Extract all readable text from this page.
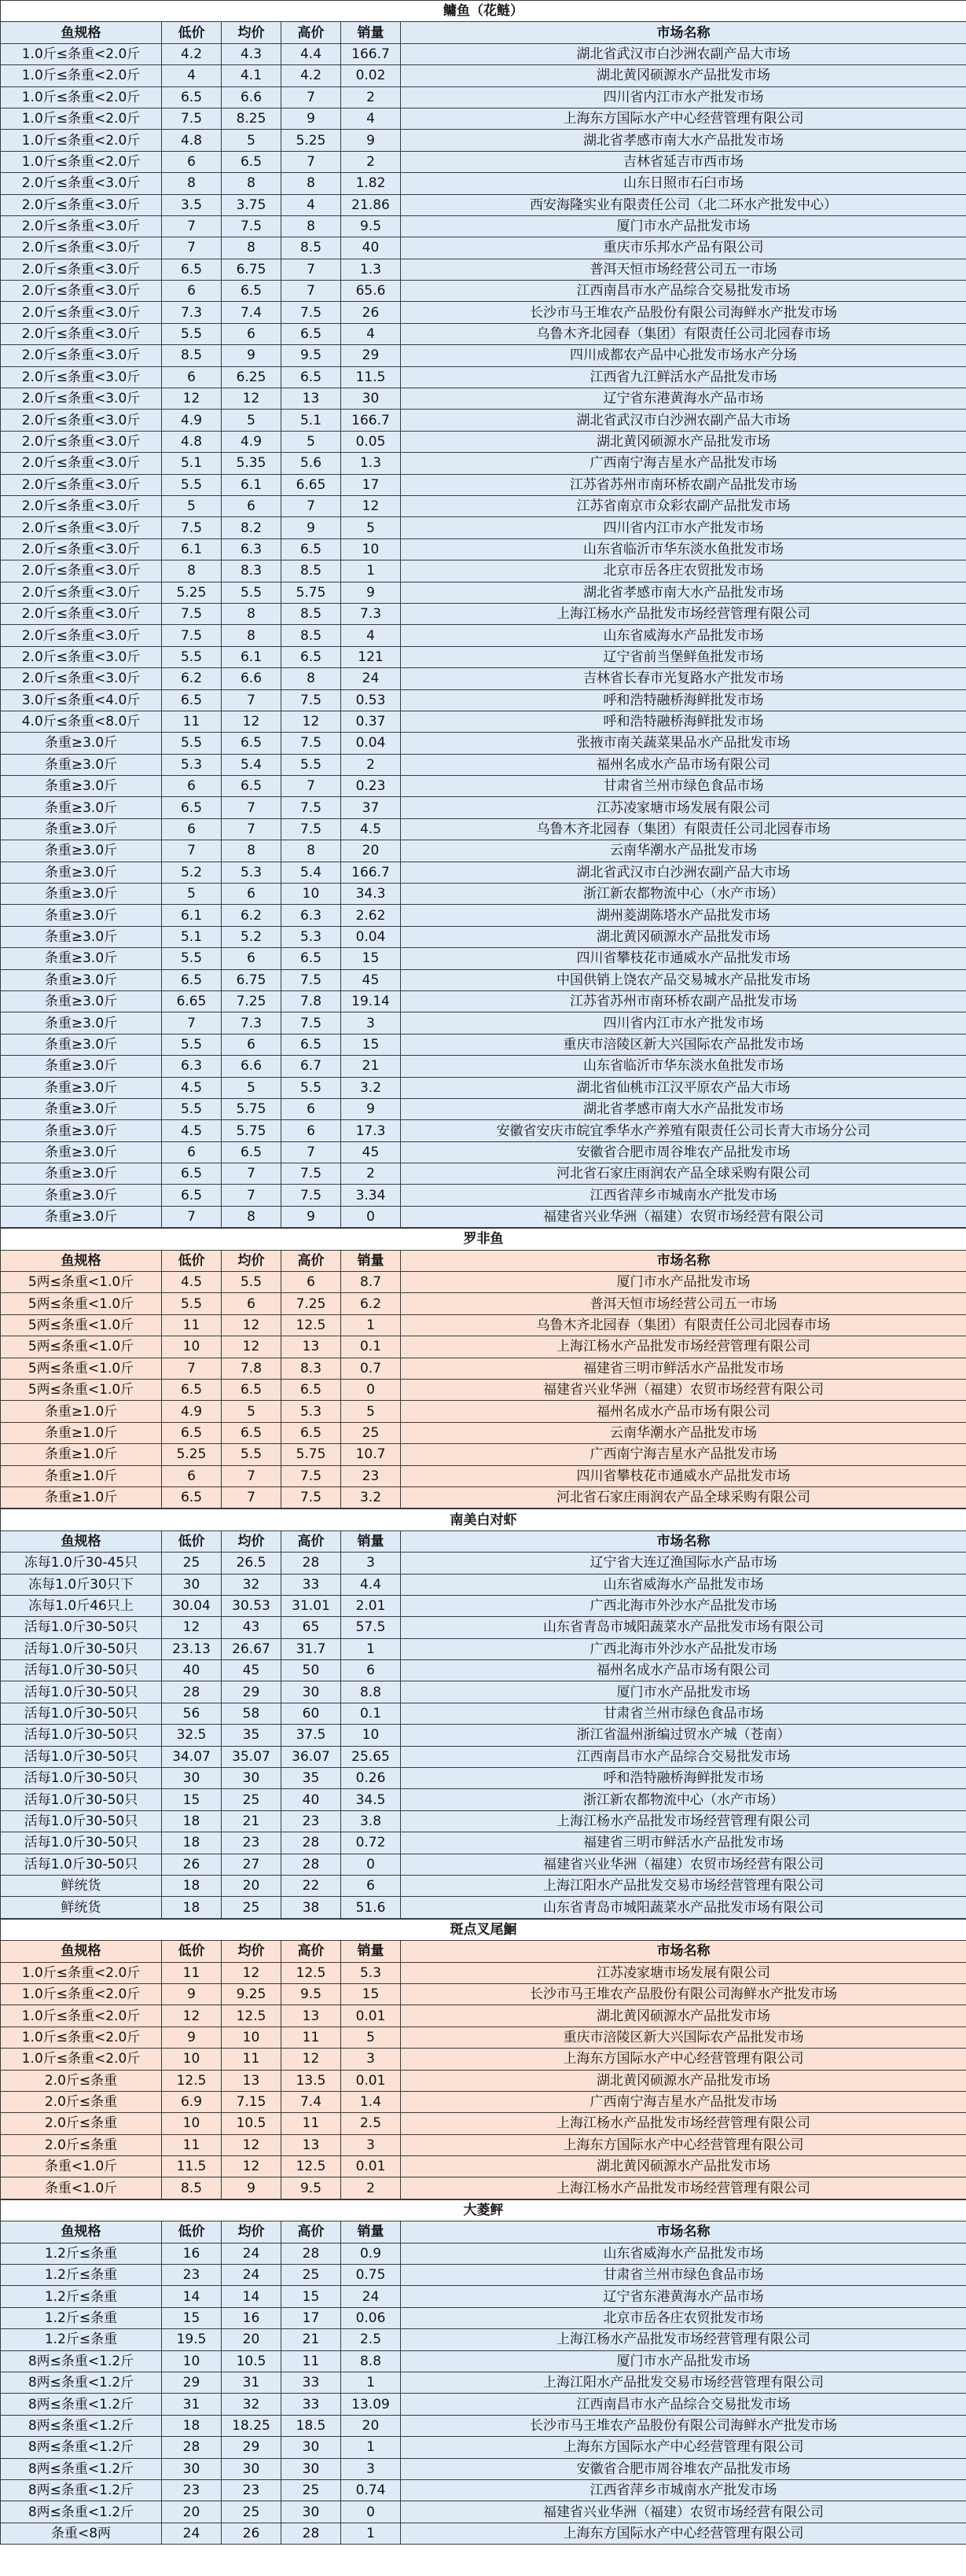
鳙鱼（花鲢）					
鱼规格	低价	均价	高价	销量	市场名称
1.0斤≤条重<2.0斤	4.2	4.3	4.4	166.7	湖北省武汉市白沙洲农副产品大市场
1.0斤≤条重<2.0斤	4	4.1	4.2	0.02	湖北黄冈硕源水产品批发市场
1.0斤≤条重<2.0斤	6.5	6.6	7	2	四川省内江市水产批发市场
1.0斤≤条重<2.0斤	7.5	8.25	9	4	上海东方国际水产中心经营管理有限公司
1.0斤≤条重<2.0斤	4.8	5	5.25	9	湖北省孝感市南大水产品批发市场
1.0斤≤条重<2.0斤	6	6.5	7	2	吉林省延吉市西市场
2.0斤≤条重<3.0斤	8	8	8	1.82	山东日照市石臼市场
2.0斤≤条重<3.0斤	3.5	3.75	4	21.86	西安海隆实业有限责任公司（北二环水产批发中心）
2.0斤≤条重<3.0斤	7	7.5	8	9.5	厦门市水产品批发市场
2.0斤≤条重<3.0斤	7	8	8.5	40	重庆市乐邦水产品有限公司
2.0斤≤条重<3.0斤	6.5	6.75	7	1.3	普洱天恒市场经营公司五一市场
2.0斤≤条重<3.0斤	6	6.5	7	65.6	江西南昌市水产品综合交易批发市场
2.0斤≤条重<3.0斤	7.3	7.4	7.5	26	长沙市马王堆农产品股份有限公司海鲜水产批发市场
2.0斤≤条重<3.0斤	5.5	6	6.5	4	乌鲁木齐北园春（集团）有限责任公司北园春市场
2.0斤≤条重<3.0斤	8.5	9	9.5	29	四川成都农产品中心批发市场水产分场
2.0斤≤条重<3.0斤	6	6.25	6.5	11.5	江西省九江鲜活水产品批发市场
2.0斤≤条重<3.0斤	12	12	13	30	辽宁省东港黄海水产品市场
2.0斤≤条重<3.0斤	4.9	5	5.1	166.7	湖北省武汉市白沙洲农副产品大市场
2.0斤≤条重<3.0斤	4.8	4.9	5	0.05	湖北黄冈硕源水产品批发市场
2.0斤≤条重<3.0斤	5.1	5.35	5.6	1.3	广西南宁海吉星水产品批发市场
2.0斤≤条重<3.0斤	5.5	6.1	6.65	17	江苏省苏州市南环桥农副产品批发市场
2.0斤≤条重<3.0斤	5	6	7	12	江苏省南京市众彩农副产品批发市场
2.0斤≤条重<3.0斤	7.5	8.2	9	5	四川省内江市水产批发市场
2.0斤≤条重<3.0斤	6.1	6.3	6.5	10	山东省临沂市华东淡水鱼批发市场
2.0斤≤条重<3.0斤	8	8.3	8.5	1	北京市岳各庄农贸批发市场
2.0斤≤条重<3.0斤	5.25	5.5	5.75	9	湖北省孝感市南大水产品批发市场
2.0斤≤条重<3.0斤	7.5	8	8.5	7.3	上海江杨水产品批发市场经营管理有限公司
2.0斤≤条重<3.0斤	7.5	8	8.5	4	山东省威海水产品批发市场
2.0斤≤条重<3.0斤	5.5	6.1	6.5	121	辽宁省前当堡鲜鱼批发市场
2.0斤≤条重<3.0斤	6.2	6.6	8	24	吉林省长春市光复路水产批发市场
3.0斤≤条重<4.0斤	6.5	7	7.5	0.53	呼和浩特融桥海鲜批发市场
4.0斤≤条重<8.0斤	11	12	12	0.37	呼和浩特融桥海鲜批发市场
条重≥3.0斤	5.5	6.5	7.5	0.04	张掖市南关蔬菜果品水产品批发市场
条重≥3.0斤	5.3	5.4	5.5	2	福州名成水产品市场有限公司
条重≥3.0斤	6	6.5	7	0.23	甘肃省兰州市绿色食品市场
条重≥3.0斤	6.5	7	7.5	37	江苏凌家塘市场发展有限公司
条重≥3.0斤	6	7	7.5	4.5	乌鲁木齐北园春（集团）有限责任公司北园春市场
条重≥3.0斤	7	8	8	20	云南华潮水产品批发市场
条重≥3.0斤	5.2	5.3	5.4	166.7	湖北省武汉市白沙洲农副产品大市场
条重≥3.0斤	5	6	10	34.3	浙江新农都物流中心（水产市场）
条重≥3.0斤	6.1	6.2	6.3	2.62	湖州菱湖陈塔水产品批发市场
条重≥3.0斤	5.1	5.2	5.3	0.04	湖北黄冈硕源水产品批发市场
条重≥3.0斤	5.5	6	6.5	15	四川省攀枝花市通威水产品批发市场
条重≥3.0斤	6.5	6.75	7.5	45	中国供销上饶农产品交易城水产品批发市场
条重≥3.0斤	6.65	7.25	7.8	19.14	江苏省苏州市南环桥农副产品批发市场
条重≥3.0斤	7	7.3	7.5	3	四川省内江市水产批发市场
条重≥3.0斤	5.5	6	6.5	15	重庆市涪陵区新大兴国际农产品批发市场
条重≥3.0斤	6.3	6.6	6.7	21	山东省临沂市华东淡水鱼批发市场
条重≥3.0斤	4.5	5	5.5	3.2	湖北省仙桃市江汉平原农产品大市场
条重≥3.0斤	5.5	5.75	6	9	湖北省孝感市南大水产品批发市场
条重≥3.0斤	4.5	5.75	6	17.3	安徽省安庆市皖宜季华水产养殖有限责任公司长青大市场分公司
条重≥3.0斤	6	6.5	7	45	安徽省合肥市周谷堆农产品批发市场
条重≥3.0斤	6.5	7	7.5	2	河北省石家庄雨润农产品全球采购有限公司
条重≥3.0斤	6.5	7	7.5	3.34	江西省萍乡市城南水产批发市场
条重≥3.0斤	7	8	9	0	福建省兴业华洲（福建）农贸市场经营有限公司
罗非鱼					
鱼规格	低价	均价	高价	销量	市场名称
5两≤条重<1.0斤	4.5	5.5	6	8.7	厦门市水产品批发市场
5两≤条重<1.0斤	5.5	6	7.25	6.2	普洱天恒市场经营公司五一市场
5两≤条重<1.0斤	11	12	12.5	1	乌鲁木齐北园春（集团）有限责任公司北园春市场
5两≤条重<1.0斤	10	12	13	0.1	上海江杨水产品批发市场经营管理有限公司
5两≤条重<1.0斤	7	7.8	8.3	0.7	福建省三明市鲜活水产品批发市场
5两≤条重<1.0斤	6.5	6.5	6.5	0	福建省兴业华洲（福建）农贸市场经营有限公司
条重≥1.0斤	4.9	5	5.3	5	福州名成水产品市场有限公司
条重≥1.0斤	6.5	6.5	6.5	25	云南华潮水产品批发市场
条重≥1.0斤	5.25	5.5	5.75	10.7	广西南宁海吉星水产品批发市场
条重≥1.0斤	6	7	7.5	23	四川省攀枝花市通威水产品批发市场
条重≥1.0斤	6.5	7	7.5	3.2	河北省石家庄雨润农产品全球采购有限公司
南美白对虾					
鱼规格	低价	均价	高价	销量	市场名称
冻每1.0斤30-45只	25	26.5	28	3	辽宁省大连辽渔国际水产品市场
冻每1.0斤30只下	30	32	33	4.4	山东省威海水产品批发市场
冻每1.0斤46只上	30.04	30.53	31.01	2.01	广西北海市外沙水产品批发市场
活每1.0斤30-50只	12	43	65	57.5	山东省青岛市城阳蔬菜水产品批发市场有限公司
活每1.0斤30-50只	23.13	26.67	31.7	1	广西北海市外沙水产品批发市场
活每1.0斤30-50只	40	45	50	6	福州名成水产品市场有限公司
活每1.0斤30-50只	28	29	30	8.8	厦门市水产品批发市场
活每1.0斤30-50只	56	58	60	0.1	甘肃省兰州市绿色食品市场
活每1.0斤30-50只	32.5	35	37.5	10	浙江省温州浙编过贸水产城（苍南）
活每1.0斤30-50只	34.07	35.07	36.07	25.65	江西南昌市水产品综合交易批发市场
活每1.0斤30-50只	30	30	35	0.26	呼和浩特融桥海鲜批发市场
活每1.0斤30-50只	15	25	40	34.5	浙江新农都物流中心（水产市场）
活每1.0斤30-50只	18	21	23	3.8	上海江杨水产品批发市场经营管理有限公司
活每1.0斤30-50只	18	23	28	0.72	福建省三明市鲜活水产品批发市场
活每1.0斤30-50只	26	27	28	0	福建省兴业华洲（福建）农贸市场经营有限公司
鲜统货	18	20	22	6	上海江阳水产品批发交易市场经营管理有限公司
鲜统货	18	25	38	51.6	山东省青岛市城阳蔬菜水产品批发市场有限公司
斑点叉尾鮰					
鱼规格	低价	均价	高价	销量	市场名称
1.0斤≤条重<2.0斤	11	12	12.5	5.3	江苏凌家塘市场发展有限公司
1.0斤≤条重<2.0斤	9	9.25	9.5	15	长沙市马王堆农产品股份有限公司海鲜水产批发市场
1.0斤≤条重<2.0斤	12	12.5	13	0.01	湖北黄冈硕源水产品批发市场
1.0斤≤条重<2.0斤	9	10	11	5	重庆市涪陵区新大兴国际农产品批发市场
1.0斤≤条重<2.0斤	10	11	12	3	上海东方国际水产中心经营管理有限公司
2.0斤≤条重	12.5	13	13.5	0.01	湖北黄冈硕源水产品批发市场
2.0斤≤条重	6.9	7.15	7.4	1.4	广西南宁海吉星水产品批发市场
2.0斤≤条重	10	10.5	11	2.5	上海江杨水产品批发市场经营管理有限公司
2.0斤≤条重	11	12	13	3	上海东方国际水产中心经营管理有限公司
条重<1.0斤	11.5	12	12.5	0.01	湖北黄冈硕源水产品批发市场
条重<1.0斤	8.5	9	9.5	2	上海江杨水产品批发市场经营管理有限公司
大菱鲆					
鱼规格	低价	均价	高价	销量	市场名称
1.2斤≤条重	16	24	28	0.9	山东省威海水产品批发市场
1.2斤≤条重	23	24	25	0.75	甘肃省兰州市绿色食品市场
1.2斤≤条重	14	14	15	24	辽宁省东港黄海水产品市场
1.2斤≤条重	15	16	17	0.06	北京市岳各庄农贸批发市场
1.2斤≤条重	19.5	20	21	2.5	上海江杨水产品批发市场经营管理有限公司
8两≤条重<1.2斤	10	10.5	11	8.8	厦门市水产品批发市场
8两≤条重<1.2斤	29	31	33	1	上海江阳水产品批发交易市场经营管理有限公司
8两≤条重<1.2斤	31	32	33	13.09	江西南昌市水产品综合交易批发市场
8两≤条重<1.2斤	18	18.25	18.5	20	长沙市马王堆农产品股份有限公司海鲜水产批发市场
8两≤条重<1.2斤	28	29	30	1	上海东方国际水产中心经营管理有限公司
8两≤条重<1.2斤	30	30	30	3	安徽省合肥市周谷堆农产品批发市场
8两≤条重<1.2斤	23	23	25	0.74	江西省萍乡市城南水产批发市场
8两≤条重<1.2斤	20	25	30	0	福建省兴业华洲（福建）农贸市场经营有限公司
条重<8两	24	26	28	1	上海东方国际水产中心经营管理有限公司
